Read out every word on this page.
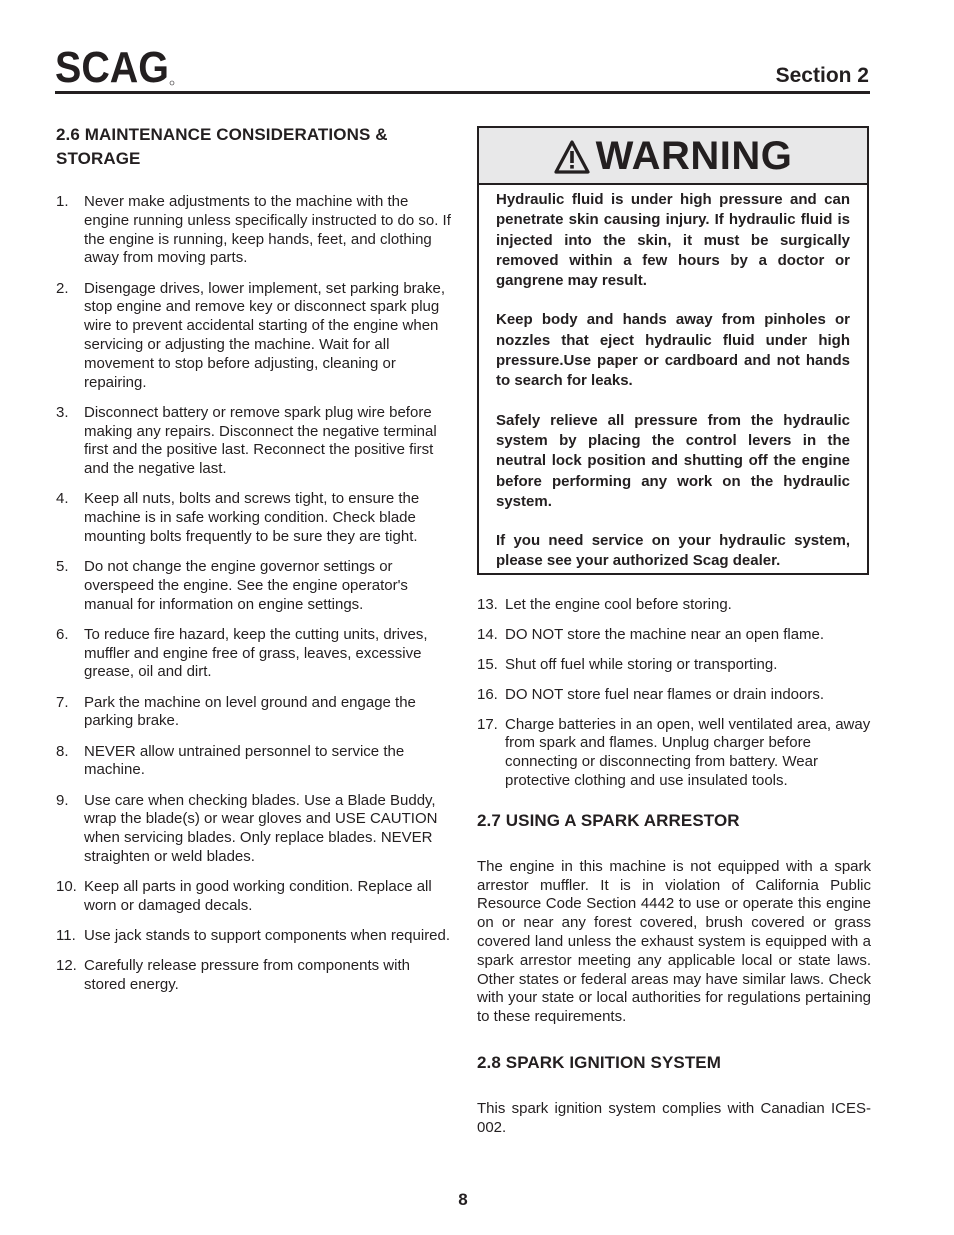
SCAG	Section 2
2.6 MAINTENANCE CONSIDERATIONS &
STORAGE
1. Never make adjustments to the machine with the engine running unless specifically instructed to do so. If the engine is running, keep hands, feet, and clothing away from moving parts.
2. Disengage drives, lower implement, set parking brake, stop engine and remove key or disconnect spark plug wire to prevent accidental starting of the engine when servicing or adjusting the machine. Wait for all movement to stop before adjusting, cleaning or repairing.
3. Disconnect battery or remove spark plug wire before making any repairs. Disconnect the negative terminal first and the positive last. Reconnect the positive first and the negative last.
4. Keep all nuts, bolts and screws tight, to ensure the machine is in safe working condition. Check blade mounting bolts frequently to be sure they are tight.
5. Do not change the engine governor settings or overspeed the engine. See the engine operator's manual for information on engine settings.
6. To reduce fire hazard, keep the cutting units, drives, muffler and engine free of grass, leaves, excessive grease, oil and dirt.
7. Park the machine on level ground and engage the parking brake.
8. NEVER allow untrained personnel to service the machine.
9. Use care when checking blades. Use a Blade Buddy, wrap the blade(s) or wear gloves and USE CAUTION when servicing blades. Only replace blades. NEVER straighten or weld blades.
10. Keep all parts in good working condition. Replace all worn or damaged decals.
11. Use jack stands to support components when required.
12. Carefully release pressure from components with stored energy.
WARNING

Hydraulic fluid is under high pressure and can penetrate skin causing injury. If hydraulic fluid is injected into the skin, it must be surgically removed within a few hours by a doctor or gangrene may result.

Keep body and hands away from pinholes or nozzles that eject hydraulic fluid under high pressure.Use paper or cardboard and not hands to search for leaks.

Safely relieve all pressure from the hydraulic system by placing the control levers in the neutral lock position and shutting off the engine before performing any work on the hydraulic system.

If you need service on your hydraulic system, please see your authorized Scag dealer.

13. Let the engine cool before storing.
14. DO NOT store the machine near an open flame.
15. Shut off fuel while storing or transporting.
16. DO NOT store fuel near flames or drain indoors.
17. Charge batteries in an open, well ventilated area, away from spark and flames. Unplug charger before connecting or disconnecting from battery. Wear protective clothing and use insulated tools.
2.7 USING A SPARK ARRESTOR

The engine in this machine is not equipped with a spark arrestor muffler. It is in violation of California Public Resource Code Section 4442 to use or operate this engine on or near any forest covered, brush covered or grass covered land unless the exhaust system is equipped with a spark arrestor meeting any applicable local or state laws. Other states or federal areas may have similar laws. Check with your state or local authorities for regulations pertaining to these requirements.

2.8 SPARK IGNITION SYSTEM

This spark ignition system complies with Canadian ICES-002.

8
